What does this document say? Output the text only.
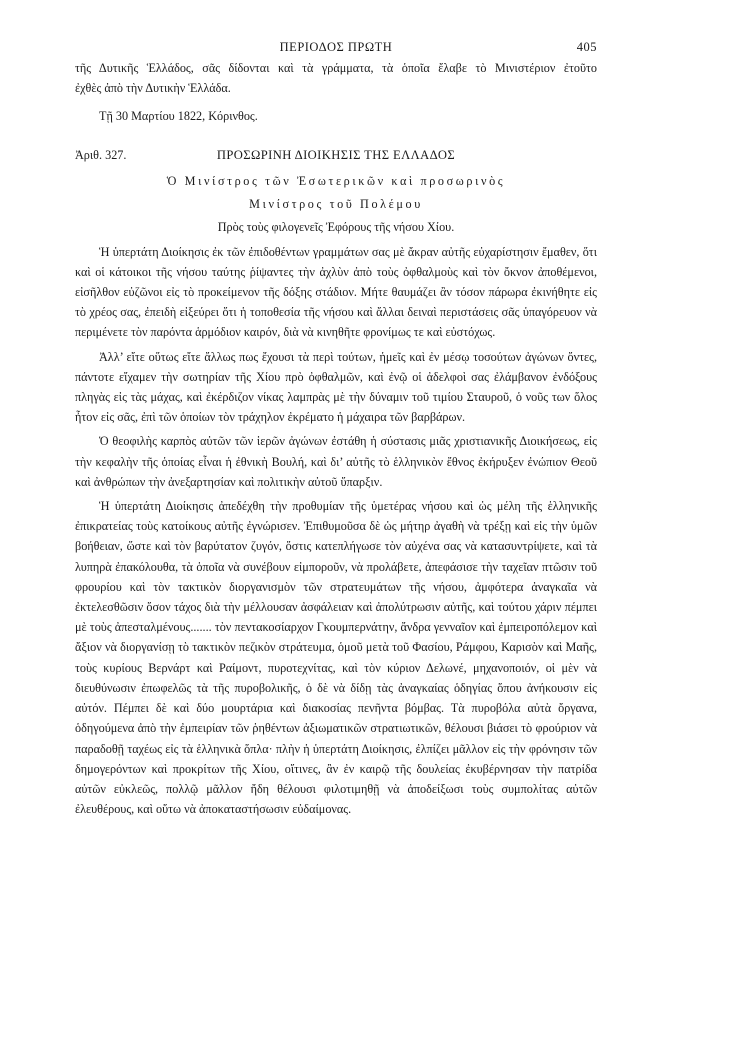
ΠΕΡΙΟΔΟΣ ΠΡΩΤΗ	405

τῆς Δυτικῆς Ἑλλάδος, σᾶς δίδονται καὶ τὰ γράμματα, τὰ ὁποῖα ἔλαβε τὸ Μινιστέριον ἐτοῦτο

ἐχθὲς ἀπὸ τὴν Δυτικὴν Ἑλλάδα.

Τῇ 30 Μαρτίου 1822, Κόρινθος.

Ἀριθ. 327.	ΠΡΟΣΩΡΙΝΗ ΔΙΟΙΚΗΣΙΣ ΤΗΣ ΕΛΛΑΔΟΣ

Ὁ Μινίστρος τῶν Ἐσωτερικῶν καὶ προσωρινὸς

Μινίστρος τοῦ Πολέμου

Πρὸς τοὺς φιλογενεῖς Ἐφόρους τῆς νήσου Χίου.

Ἡ ὑπερτάτη Διοίκησις ἐκ τῶν ἐπιδοθέντων γραμμάτων σας μὲ ἄκραν αὐτῆς εὐχαρίστησιν ἔμαθεν, ὅτι καὶ οἱ κάτοικοι τῆς νήσου ταύτης ῥίψαντες τὴν ἀχλὺν ἀπὸ τοὺς ὀφθαλμοὺς καὶ τὸν ὄκνον ἀποθέμενοι, εἰσῆλθον εὐζῶνοι εἰς τὸ προκείμενον τῆς δόξης στάδιον. Μήτε θαυμάζει ἂν τόσον πάρωρα ἐκινήθητε εἰς τὸ χρέος σας, ἐπειδὴ εἰξεύρει ὅτι ἡ τοποθεσία τῆς νήσου καὶ ἄλλαι δειναὶ περιστάσεις σᾶς ὑπαγόρευον νὰ περιμένετε τὸν παρόντα ἁρμόδιον καιρόν, διὰ νὰ κινηθῆτε φρονίμως τε καὶ εὐστόχως.

Ἀλλ’ εἴτε οὕτως εἴτε ἄλλως πως ἔχουσι τὰ περὶ τούτων, ἡμεῖς καὶ ἐν μέσῳ τοσούτων ἀγώνων ὄντες, πάντοτε εἴχαμεν τὴν σωτηρίαν τῆς Χίου πρὸ ὀφθαλμῶν, καὶ ἐνῷ οἱ ἀδελφοὶ σας ἐλάμβανον ἐνδόξους πληγὰς εἰς τὰς μάχας, καὶ ἐκέρδιζον νίκας λαμπρὰς μὲ τὴν δύναμιν τοῦ τιμίου Σταυροῦ, ὁ νοῦς των ὅλος ἦτον εἰς σᾶς, ἐπὶ τῶν ὁποίων τὸν τράχηλον ἐκρέματο ἡ μάχαιρα τῶν βαρβάρων.

Ὁ θεοφιλὴς καρπὸς αὐτῶν τῶν ἱερῶν ἀγώνων ἐστάθη ἡ σύστασις μιᾶς χριστιανικῆς Διοικήσεως, εἰς τὴν κεφαλὴν τῆς ὁποίας εἶναι ἡ ἐθνικὴ Βουλή, καὶ δι’ αὐτῆς τὸ ἑλληνικὸν ἔθνος ἐκήρυξεν ἐνώπιον Θεοῦ καὶ ἀνθρώπων τὴν ἀνεξαρτησίαν καὶ πολιτικὴν αὐτοῦ ὕπαρξιν.

Ἡ ὑπερτάτη Διοίκησις ἀπεδέχθη τὴν προθυμίαν τῆς ὑμετέρας νήσου καὶ ὡς μέλη τῆς ἑλληνικῆς ἐπικρατείας τοὺς κατοίκους αὐτῆς ἐγνώρισεν. Ἐπιθυμοῦσα δὲ ὡς μήτηρ ἀγαθὴ νὰ τρέξῃ καὶ εἰς τὴν ὑμῶν βοήθειαν, ὥστε καὶ τὸν βαρύτατον ζυγόν, ὅστις κατεπλήγωσε τὸν αὐχένα σας νὰ κατασυντρίψετε, καὶ τὰ λυπηρὰ ἐπακόλουθα, τὰ ὁποῖα νὰ συνέβουν εἰμποροῦν, νὰ προλάβετε, ἀπεφάσισε τὴν ταχεῖαν πτῶσιν τοῦ φρουρίου καὶ τὸν τακτικὸν διοργανισμὸν τῶν στρατευμάτων τῆς νήσου, ἀμφότερα ἀναγκαῖα νὰ ἐκτελεσθῶσιν ὅσον τάχος διὰ τὴν μέλλουσαν ἀσφάλειαν καὶ ἀπολύτρωσιν αὐτῆς, καὶ τούτου χάριν πέμπει μὲ τοὺς ἀπεσταλμένους....... τὸν πεντακοσίαρχον Γκουμπερνάτην, ἄνδρα γενναῖον καὶ ἐμπειροπόλεμον καὶ ἄξιον νὰ διοργανίσῃ τὸ τακτικὸν πεζικὸν στράτευμα, ὁμοῦ μετὰ τοῦ Φασίου, Ράμφου, Καρισὸν καὶ Μαῆς, τοὺς κυρίους Βερνάρτ καὶ Ραίμοντ, πυροτεχνίτας, καὶ τὸν κύριον Δελωνέ, μηχανοποιόν, οἱ μὲν νὰ διευθύνωσιν ἐπωφελῶς τὰ τῆς πυροβολικῆς, ὁ δὲ νὰ δίδῃ τὰς ἀναγκαίας ὁδηγίας ὅπου ἀνήκουσιν εἰς αὐτόν. Πέμπει δὲ καὶ δύο μουρτάρια καὶ διακοσίας πενῆντα βόμβας. Τὰ πυροβόλα αὐτὰ ὄργανα, ὁδηγούμενα ἀπὸ τὴν ἐμπειρίαν τῶν ῥηθέντων ἀξιωματικῶν στρατιωτικῶν, θέλουσι βιάσει τὸ φρούριον νὰ παραδοθῇ ταχέως εἰς τὰ ἑλληνικὰ ὅπλα· πλὴν ἡ ὑπερτάτη Διοίκησις, ἐλπίζει μᾶλλον εἰς τὴν φρόνησιν τῶν δημογερόντων καὶ προκρίτων τῆς Χίου, οἵτινες, ἂν ἐν καιρῷ τῆς δουλείας ἐκυβέρνησαν τὴν πατρίδα αὐτῶν εὐκλεῶς, πολλῷ μᾶλλον ἤδη θέλουσι φιλοτιμηθῇ νὰ ἀποδείξωσι τοὺς συμπολίτας αὐτῶν ἐλευθέρους, καὶ οὕτω νὰ ἀποκαταστήσωσιν εὐδαίμονας.
